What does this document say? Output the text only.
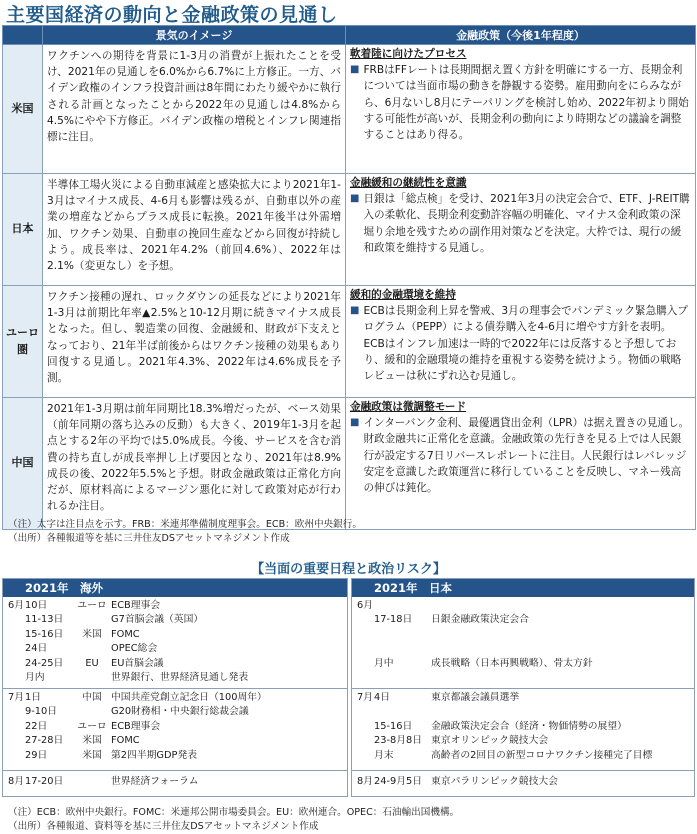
主要国経済の動向と金融政策の見通し
	景気のイメージ	金融政策（今後1年程度）
米国	ワクチンへの期待を背景に1-3月の消費が上振れたことを受け、2021年の見通しを6.0%から6.7%に上方修正。一方、バイデン政権のインフラ投資計画は8年間にわたり緩やかに執行される計画となったことから2022年の見通しは4.8%から4.5%にやや下方修正。バイデン政権の増税とインフレ関連指標に注目。	軟着陸に向けたプロセス
■ FRBはFFレートは長期間据え置く方針を明確にする一方、長期金利については当面市場の動きを静観する姿勢。雇用動向をにらみながら、6月ないし8月にテーパリングを検討し始め、2022年初より開始する可能性が高いが、長期金利の動向により時期などの議論を調整することはあり得る。

日本	半導体工場火災による自動車減産と感染拡大により2021年1-3月はマイナス成長、4-6月も影響は残るが、自動車以外の産業の増産などからプラス成長に転換。2021年後半は外需増加、ワクチン効果、自動車の挽回生産などから回復が持続しよう。成長率は、2021年4.2%（前回4.6%）、2022年は2.1%（変更なし）を予想。	金融緩和の継続性を意識
■ 日銀は「総点検」を受け、2021年3月の決定会合で、ETF、J-REIT購入の柔軟化、長期金利変動許容幅の明確化、マイナス金利政策の深堀り余地を残すための副作用対策などを決定。大枠では、現行の緩和政策を維持する見通し。

ユーロ
圏	ワクチン接種の遅れ、ロックダウンの延長などにより2021年1-3月は前期比年率▲2.5%と10-12月期に続きマイナス成長となった。但し、製造業の回復、金融緩和、財政が下支えとなっており、21年半ば前後からはワクチン接種の効果もあり回復する見通し。2021年4.3%、2022年は4.6%成長を予測。	緩和的金融環境を維持
■ ECBは長期金利上昇を警戒、3月の理事会でパンデミック緊急購入プログラム（PEPP）による債券購入を4-6月に増やす方針を表明。ECBはインフレ加速は一時的で2022年には反落すると予想しており、緩和的金融環境の維持を重視する姿勢を続けよう。物価の戦略レビューは秋にずれ込む見通し。

中国	2021年1-3月期は前年同期比18.3%増だったが、ベース効果（前年同期の落ち込みの反動）も大きく、2019年1-3月を起点とする2年の平均では5.0%成長。今後、サービスを含む消費の持ち直しが成長率押し上げ要因となり、2021年は8.9%成長の後、2022年5.5%と予想。財政金融政策は正常化方向だが、原材料高によるマージン悪化に対して政策対応が行われるか注目。	金融政策は微調整モード
■ インターバンク金利、最優遇貸出金利（LPR）は据え置きの見通し。財政金融共に正常化を意識。金融政策の先行きを見る上では人民銀行が設定する7日リバースレポレートに注目。人民銀行はレバレッジ安定を意識した政策運営に移行していることを反映し、マネー残高の伸びは鈍化。
（注）太字は注目点を示す。FRB：米連邦準備制度理事会。ECB：欧州中央銀行。
（出所）各種報道等を基に三井住友DSアセットマネジメント作成
【当面の重要日程と政治リスク】
2021年　海外
6月 10日	ユーロ ECB理事会
11-13日	G7首脳会議（英国）
15-16日	米国 FOMC
24日	OPEC総会
24-25日	EU	EU首脳会議
月内	世界銀行、世界経済見通し発表
7月 1日	中国 中国共産党創立記念日（100周年）
9-10日	G20財務相・中央銀行総裁会議
22日	ユーロ ECB理事会
27-28日	米国 FOMC
29日	米国 第2四半期GDP発表
8月 17-20日	世界経済フォーラム
2021年　日本
6月
17-18日	日銀金融政策決定会合
月中	成長戦略（日本再興戦略）、骨太方針
7月 4日	東京都議会議員選挙
15-16日	金融政策決定会合（経済・物価情勢の展望）
23-8月8日 東京オリンピック競技大会
月末	高齢者の2回目の新型コロナワクチン接種完了目標
8月 24-9月5日 東京パラリンピック競技大会
（注）ECB：欧州中央銀行。FOMC：米連邦公開市場委員会。EU：欧州連合。OPEC：石油輸出国機構。
（出所）各種報道、資料等を基に三井住友DSアセットマネジメント作成
